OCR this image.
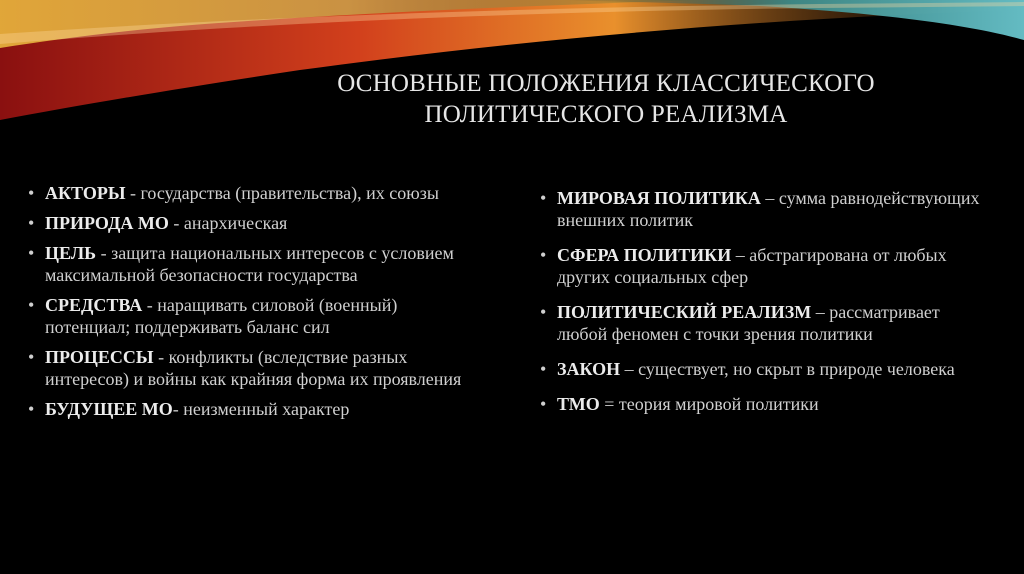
ОСНОВНЫЕ ПОЛОЖЕНИЯ КЛАССИЧЕСКОГО
ПОЛИТИЧЕСКОГО РЕАЛИЗМА
• АКТОРЫ - государства (правительства), их союзы
• ПРИРОДА МО - анархическая
• ЦЕЛЬ - защита национальных интересов с условием максимальной безопасности государства
• СРЕДСТВА - наращивать силовой (военный) потенциал; поддерживать баланс сил
• ПРОЦЕССЫ - конфликты (вследствие разных интересов) и войны как крайняя форма их проявления
• БУДУЩЕЕ МО- неизменный характер
• МИРОВАЯ ПОЛИТИКА – сумма равнодействующих внешних политик
• СФЕРА ПОЛИТИКИ – абстрагирована от любых других социальных сфер
• ПОЛИТИЧЕСКИЙ РЕАЛИЗМ – рассматривает любой феномен с точки зрения политики
• ЗАКОН – существует, но скрыт в природе человека
• ТМО = теория мировой политики
